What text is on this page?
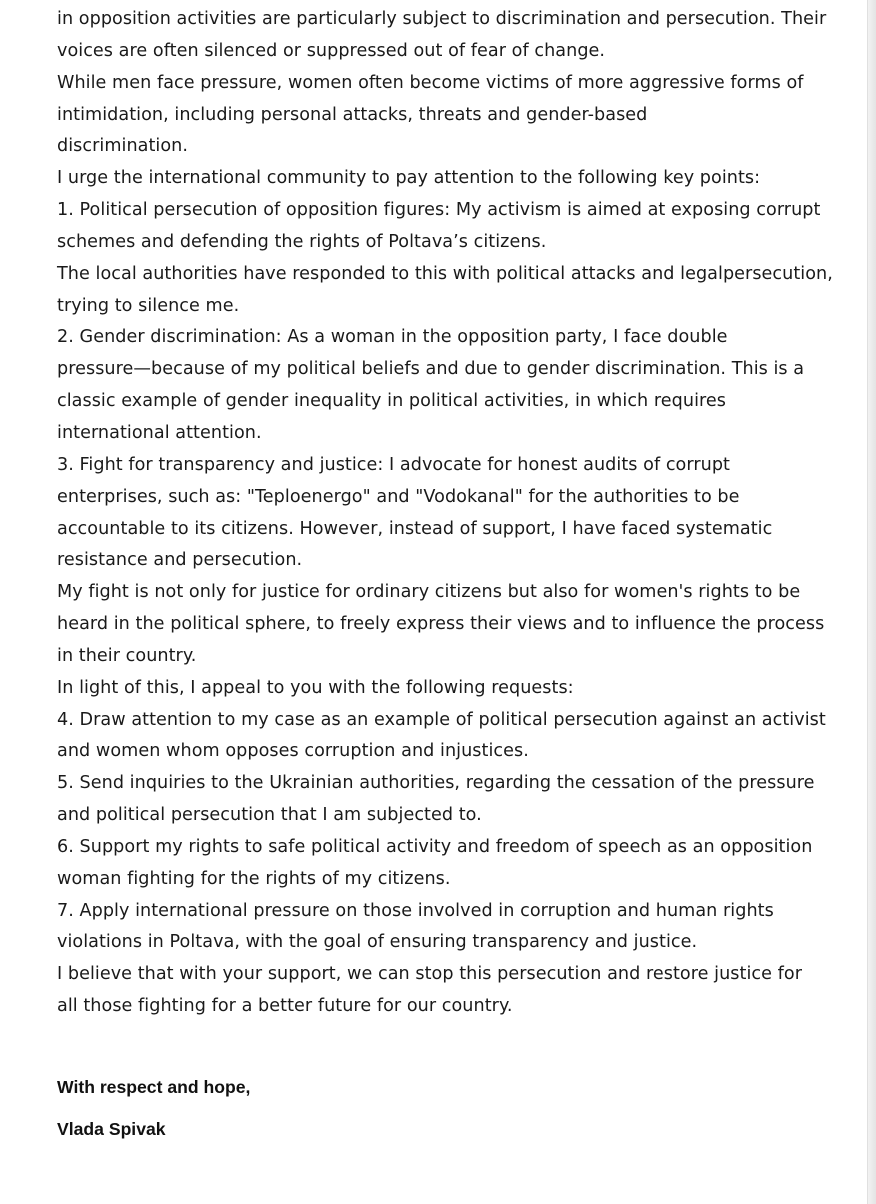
in opposition activities are particularly subject to discrimination and persecution. Their
voices are often silenced or suppressed out of fear of change.
While men face pressure, women often become victims of more aggressive forms of
intimidation, including personal attacks, threats and gender-based
discrimination.
I urge the international community to pay attention to the following key points:
1. Political persecution of opposition figures: My activism is aimed at exposing corrupt
schemes and defending the rights of Poltava’s citizens.
The local authorities have responded to this with political attacks and legalpersecution,
trying to silence me.
2. Gender discrimination: As a woman in the opposition party, I face double
pressure—because of my political beliefs and due to gender discrimination. This is a
classic example of gender inequality in political activities, in which requires
international attention.
3. Fight for transparency and justice: I advocate for honest audits of corrupt
enterprises, such as: "Teploenergo" and "Vodokanal" for the authorities to be
accountable to its citizens. However, instead of support, I have faced systematic
resistance and persecution.
My fight is not only for justice for ordinary citizens but also for women's rights to be
heard in the political sphere, to freely express their views and to influence the process
in their country.
In light of this, I appeal to you with the following requests:
4. Draw attention to my case as an example of political persecution against an activist
and women whom opposes corruption and injustices.
5. Send inquiries to the Ukrainian authorities, regarding the cessation of the pressure
and political persecution that I am subjected to.
6. Support my rights to safe political activity and freedom of speech as an opposition
woman fighting for the rights of my citizens.
7. Apply international pressure on those involved in corruption and human rights
violations in Poltava, with the goal of ensuring transparency and justice.
I believe that with your support, we can stop this persecution and restore justice for
all those fighting for a better future for our country.
With respect and hope,
Vlada Spivak
